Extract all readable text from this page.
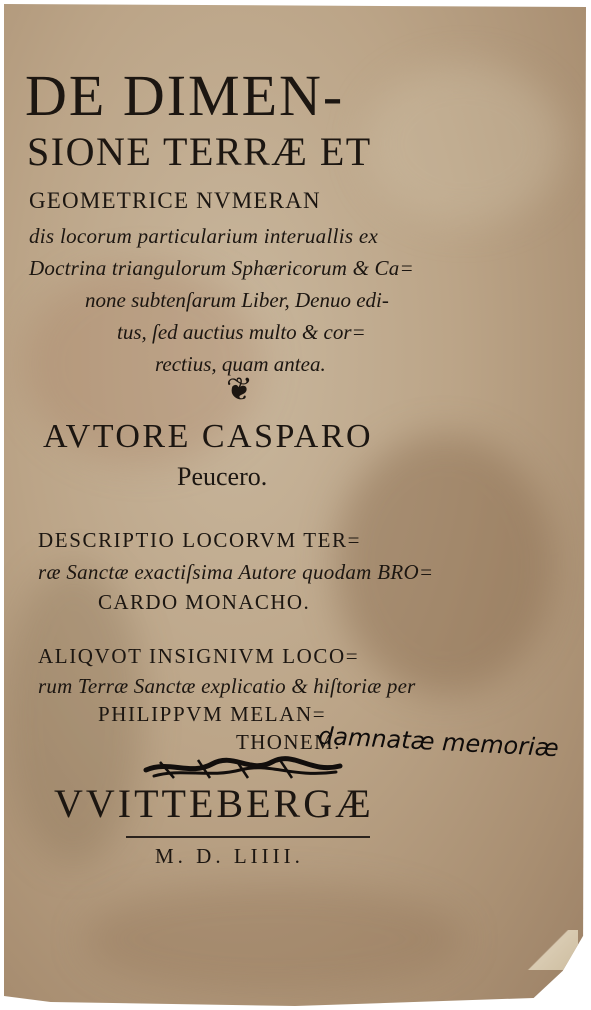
DE DIMEN-
SIONE TERRÆ ET
GEOMETRICE NVMERAN
dis locorum particularium interuallis ex
Doctrina triangulorum Sphæricorum & Ca=
none subtenſarum Liber, Denuo edi-
tus, ſed auctius multo & cor=
rectius, quam antea.
❦
AVTORE CASPARO
Peucero.
DESCRIPTIO LOCORVM TER=
ræ Sanctæ exactiſsima Autore quodam BRO=
CARDO MONACHO.
ALIQVOT INSIGNIVM LOCO=
rum Terræ Sanctæ explicatio & hiſtoriæ per
PHILIPPVM MELAN=
THONEM.
damnatæ memoriæ
VVITTEBERGÆ
M. D. LIIII.
